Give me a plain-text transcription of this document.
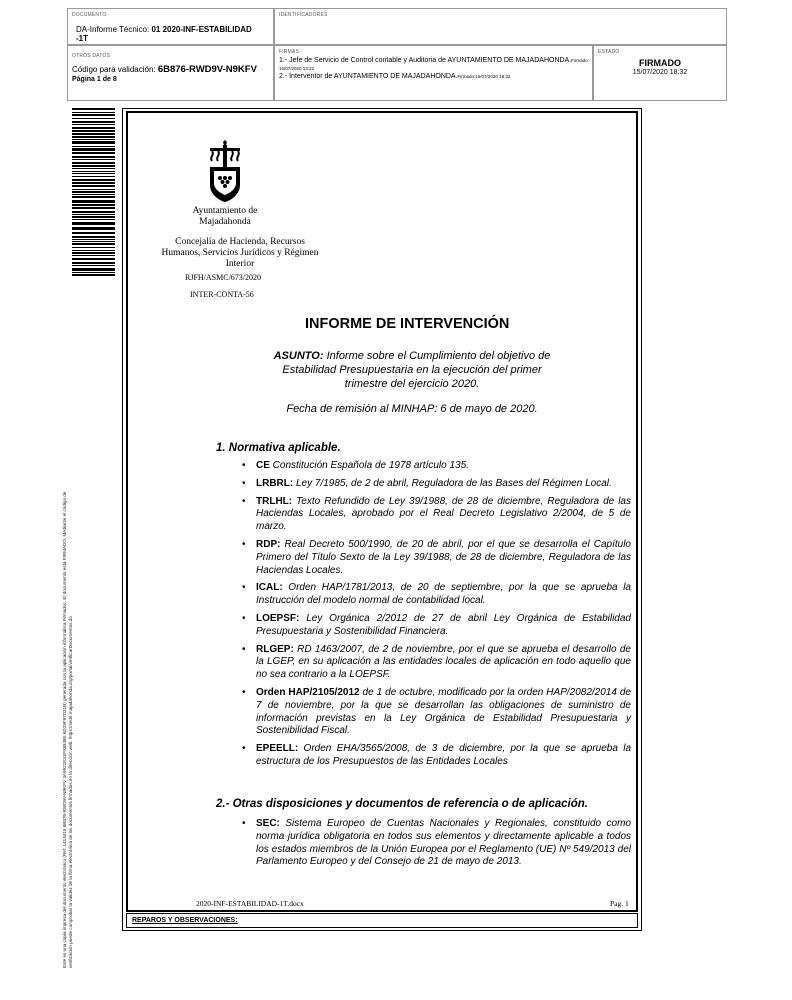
DOCUMENTO
DA-Informe Técnico: 01 2020-INF-ESTABILIDAD
-1T
IDENTIFICADORES
OTROS DATOS
Código para validación: 6B876-RWD9V-N9KFV
Página 1 de 8
FIRMAS
1.- Jefe de Servicio de Control contable y Auditoria de AYUNTAMIENTO DE MAJADAHONDA.Firmado 15/07/2020 13:22
2.- Interventor de AYUNTAMIENTO DE MAJADAHONDA.Firmado 15/07/2020 18:32
ESTADO
FIRMADO
15/07/2020 18:32
Este es una copia impresa del documento electrónico (Ref: 1414415 6B876-RWD9V-N9KFV 3A9922E31F93B4B5 6D29F97D31B) generada con la aplicación informática Firmadoc. El documento está FIRMADO. Mediante el código de verificación puede comprobar la validez de la firma electrónica de los documentos firmados en la dirección web: https://sede.majadahonda.org/portal/verificarDocumentos.do
Ayuntamiento de
Majadahonda
Concejalía de Hacienda, Recursos
Humanos, Servicios Jurídicos y Régimen
Interior
RJFH/ASMC/673/2020
INTER-CONTA-56
INFORME DE INTERVENCIÓN
ASUNTO: Informe sobre el Cumplimiento del objetivo de Estabilidad Presupuestaria en la ejecución del primer trimestre del ejercicio 2020.
Fecha de remisión al MINHAP: 6 de mayo de 2020.
1. Normativa aplicable.
• CE Constitución Española de 1978 artículo 135.
• LRBRL: Ley 7/1985, de 2 de abril, Reguladora de las Bases del Régimen Local.
• TRLHL: Texto Refundido de Ley 39/1988, de 28 de diciembre, Reguladora de las Haciendas Locales, aprobado por el Real Decreto Legislativo 2/2004, de 5 de marzo.
• RDP: Real Decreto 500/1990, de 20 de abril, por el que se desarrolla el Capítulo Primero del Título Sexto de la Ley 39/1988, de 28 de diciembre, Reguladora de las Haciendas Locales.
• ICAL: Orden HAP/1781/2013, de 20 de septiembre, por la que se aprueba la Instrucción del modelo normal de contabilidad local.
• LOEPSF: Ley Orgánica 2/2012 de 27 de abril Ley Orgánica de Estabilidad Presupuestaria y Sostenibilidad Financiera.
• RLGEP: RD 1463/2007, de 2 de noviembre, por el que se aprueba el desarrollo de la LGEP, en su aplicación a las entidades locales de aplicación en todo aquello que no sea contrario a la LOEPSF.
• Orden HAP/2105/2012 de 1 de octubre, modificado por la orden HAP/2082/2014 de 7 de noviembre, por la que se desarrollan las obligaciones de suministro de información previstas en la Ley Orgánica de Estabilidad Presupuestaria y Sostenibilidad Fiscal.
• EPEELL: Orden EHA/3565/2008, de 3 de diciembre, por la que se aprueba la estructura de los Presupuestos de las Entidades Locales
2.- Otras disposiciones y documentos de referencia o de aplicación.
• SEC: Sistema Europeo de Cuentas Nacionales y Regionales, constituido como norma jurídica obligatoria en todos sus elementos y directamente aplicable a todos los estados miembros de la Unión Europea por el Reglamento (UE) Nº 549/2013 del Parlamento Europeo y del Consejo de 21 de mayo de 2013.
2020-INF-ESTABILIDAD-1T.docx	Pag. 1
REPAROS Y OBSERVACIONES:
